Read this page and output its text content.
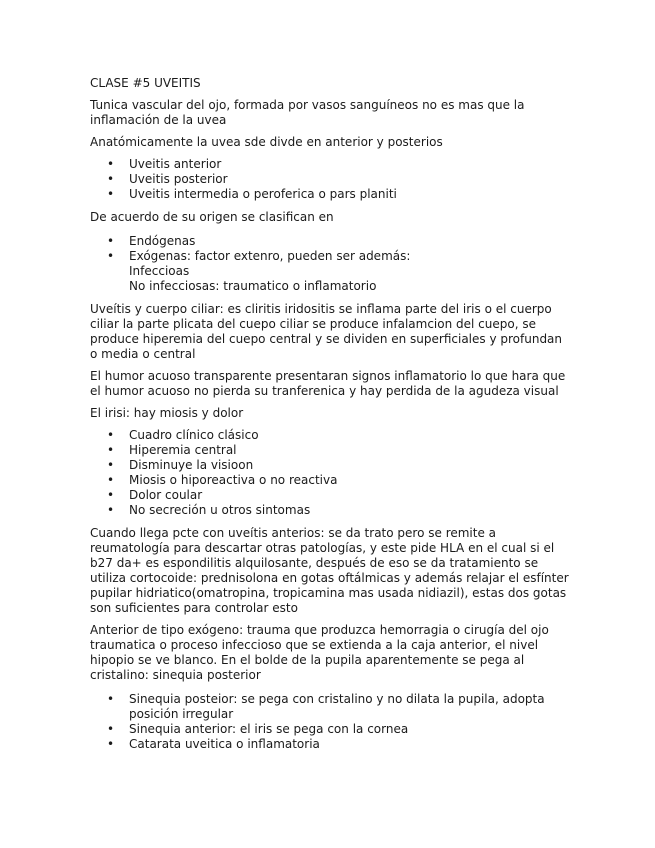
CLASE #5 UVEITIS

Tunica vascular del ojo, formada por vasos sanguíneos no es mas que la inflamación de la uvea

Anatómicamente la uvea sde divde en anterior y posterios

• Uveitis anterior
• Uveitis posterior
• Uveitis intermedia o peroferica o pars planiti

De acuerdo de su origen se clasifican en

• Endógenas
• Exógenas: factor extenro, pueden ser además:
Infeccioas
No infecciosas: traumatico o inflamatorio

Uveítis y cuerpo ciliar: es cliritis iridositis se inflama parte del iris o el cuerpo ciliar la parte plicata del cuepo ciliar se produce infalamcion del cuepo, se produce hiperemia del cuepo central y se dividen en superficiales y profundan o media o central

El humor acuoso transparente presentaran signos inflamatorio lo que hara que el humor acuoso no pierda su tranferenica y hay perdida de la agudeza visual

El irisi: hay miosis y dolor

• Cuadro clínico clásico
• Hiperemia central
• Disminuye la visioon
• Miosis o hiporeactiva o no reactiva
• Dolor coular
• No secreción u otros sintomas

Cuando llega pcte con uveítis anterios: se da trato pero se remite a reumatología para descartar otras patologías, y este pide HLA en el cual si el b27 da+ es espondilitis alquilosante, después de eso se da tratamiento se utiliza cortocoide: prednisolona en gotas oftálmicas y además relajar el esfínter pupilar hidriatico(omatropina, tropicamina mas usada nidiazil), estas dos gotas son suficientes para controlar esto

Anterior de tipo exógeno: trauma que produzca hemorragia o cirugía del ojo traumatica o proceso infeccioso que se extienda a la caja anterior, el nivel hipopio se ve blanco. En el bolde de la pupila aparentemente se pega al cristalino: sinequia posterior

• Sinequia posteior: se pega con cristalino y no dilata la pupila, adopta posición irregular
• Sinequia anterior: el iris se pega con la cornea
• Catarata uveitica o inflamatoria
